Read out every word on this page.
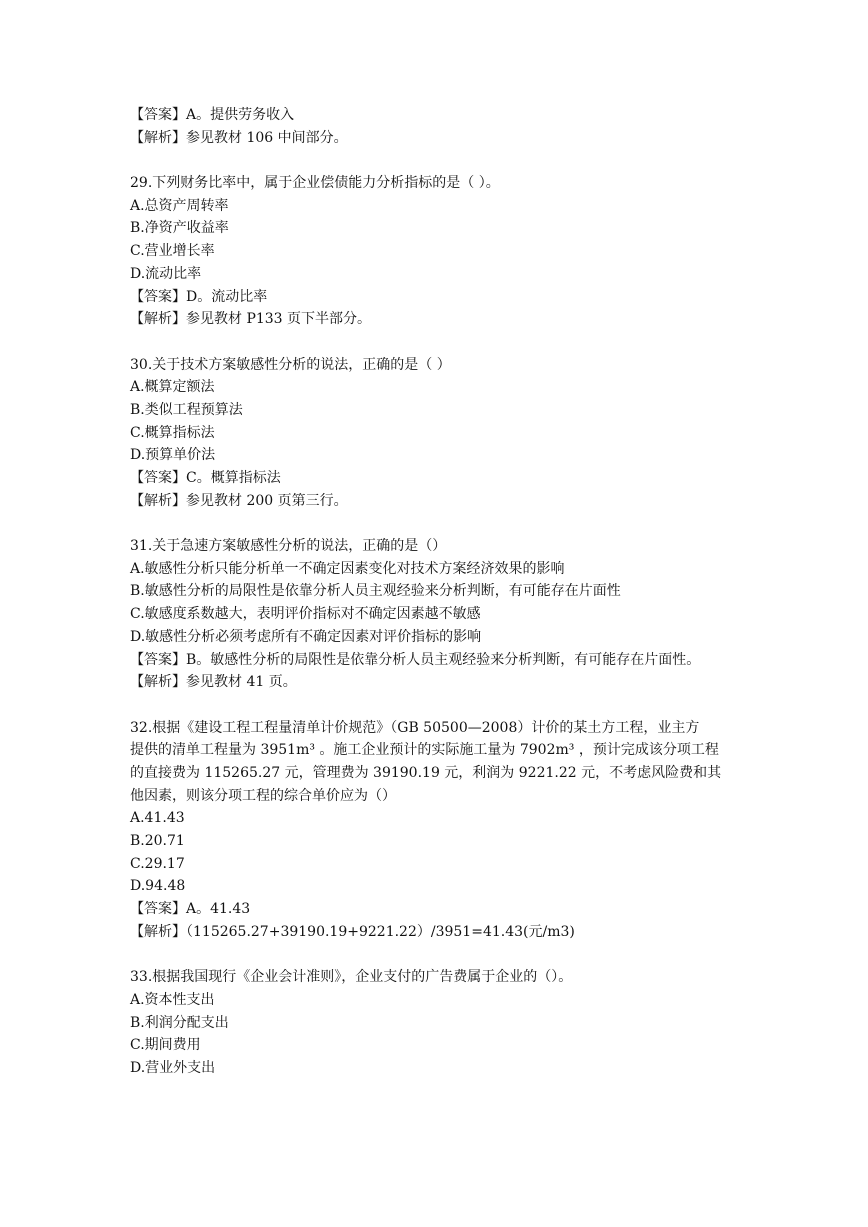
【答案】A。提供劳务收入
【解析】参见教材 106 中间部分。
29.下列财务比率中，属于企业偿债能力分析指标的是（ ）。
A.总资产周转率
B.净资产收益率
C.营业增长率
D.流动比率
【答案】D。流动比率
【解析】参见教材 P133 页下半部分。
30.关于技术方案敏感性分析的说法，正确的是（ ）
A.概算定额法
B.类似工程预算法
C.概算指标法
D.预算单价法
【答案】C。概算指标法
【解析】参见教材 200 页第三行。
31.关于急速方案敏感性分析的说法，正确的是（）
A.敏感性分析只能分析单一不确定因素变化对技术方案经济效果的影响
B.敏感性分析的局限性是依靠分析人员主观经验来分析判断，有可能存在片面性
C.敏感度系数越大，表明评价指标对不确定因素越不敏感
D.敏感性分析必须考虑所有不确定因素对评价指标的影响
【答案】B。敏感性分析的局限性是依靠分析人员主观经验来分析判断，有可能存在片面性。
【解析】参见教材 41 页。
32.根据《建设工程工程量清单计价规范》（GB 50500—2008）计价的某土方工程，业主方
提供的清单工程量为 3951m³ 。施工企业预计的实际施工量为 7902m³ ，预计完成该分项工程
的直接费为 115265.27 元，管理费为 39190.19 元，利润为 9221.22 元，不考虑风险费和其
他因素，则该分项工程的综合单价应为（）
A.41.43
B.20.71
C.29.17
D.94.48
【答案】A。41.43
【解析】（115265.27+39190.19+9221.22）/3951=41.43(元/m3)
33.根据我国现行《企业会计准则》，企业支付的广告费属于企业的（）。
A.资本性支出
B.利润分配支出
C.期间费用
D.营业外支出
